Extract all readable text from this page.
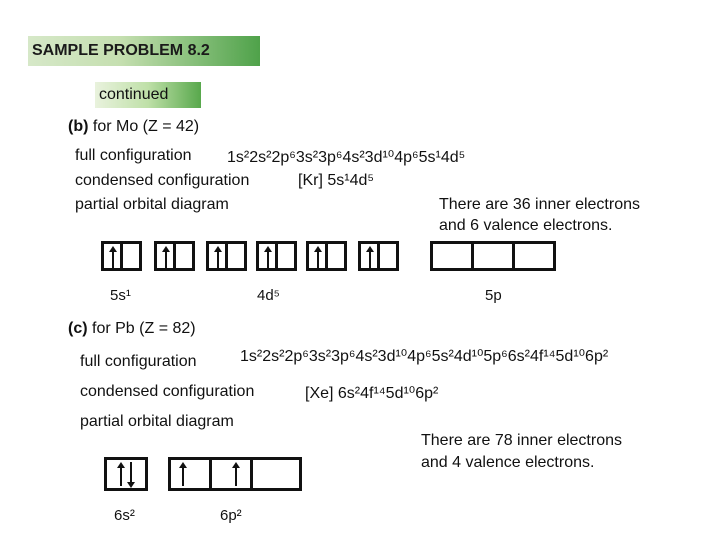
SAMPLE PROBLEM 8.2
continued
(b) for Mo (Z = 42)
full configuration 1s²2s²2p⁶3s²3p⁶4s²3d¹⁰4p⁶5s¹4d⁵
condensed configuration	[Kr] 5s¹4d⁵
partial orbital diagram	There are 36 inner electrons
and 6 valence electrons.
5s¹	4d⁵	5p
(c) for Pb (Z = 82)
full configuration	1s²2s²2p⁶3s²3p⁶4s²3d¹⁰4p⁶5s²4d¹⁰5p⁶6s²4f¹⁴5d¹⁰6p²
condensed configuration	[Xe] 6s²4f¹⁴5d¹⁰6p²
partial orbital diagram
There are 78 inner electrons
and 4 valence electrons.
6s²	6p²
